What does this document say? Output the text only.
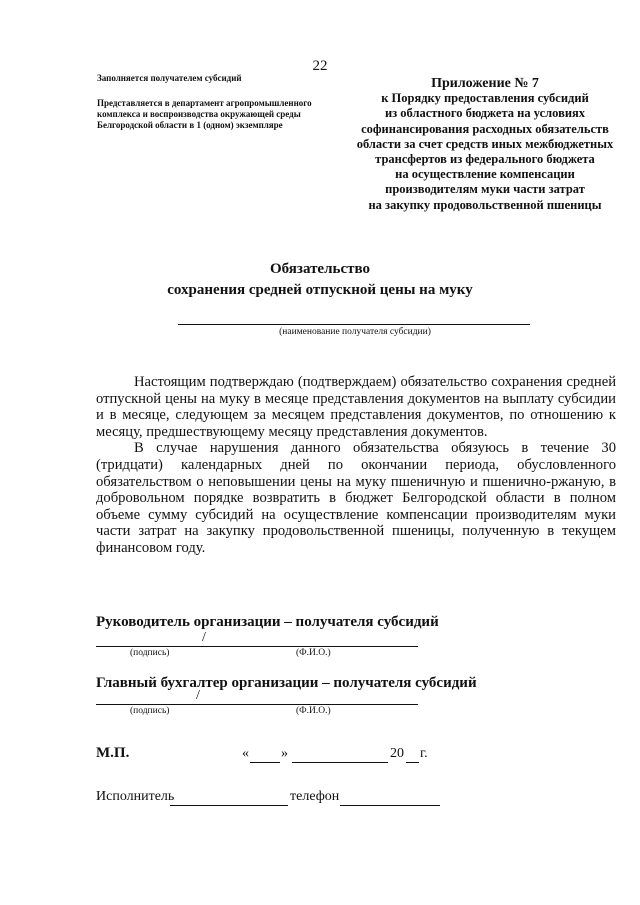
22
Заполняется получателем субсидий
Представляется в департамент агропромышленного комплекса и воспроизводства окружающей среды Белгородской области в 1 (одном) экземпляре
Приложение № 7
к Порядку предоставления субсидий
из областного бюджета на условиях
софинансирования расходных обязательств
области за счет средств иных межбюджетных
трансфертов из федерального бюджета
на осуществление компенсации
производителям муки части затрат
на закупку продовольственной пшеницы
Обязательство
сохранения средней отпускной цены на муку
(наименование получателя субсидии)

Настоящим подтверждаю (подтверждаем) обязательство сохранения средней отпускной цены на муку в месяце представления документов на выплату субсидии и в месяце, следующем за месяцем представления документов, по отношению к месяцу, предшествующему месяцу представления документов.

В случае нарушения данного обязательства обязуюсь в течение 30 (тридцати) календарных дней по окончании периода, обусловленного обязательством о неповышении цены на муку пшеничную и пшенично-ржаную, в добровольном порядке возвратить в бюджет Белгородской области в полном объеме сумму субсидий на осуществление компенсации производителям муки части затрат на закупку продовольственной пшеницы, полученную в текущем финансовом году.

Руководитель организации – получателя субсидий
/
(подпись)	(Ф.И.О.)
Главный бухгалтер организации – получателя субсидий
/
(подпись)	(Ф.И.О.)
М.П.	« »	20 г.
Исполнитель	телефон
